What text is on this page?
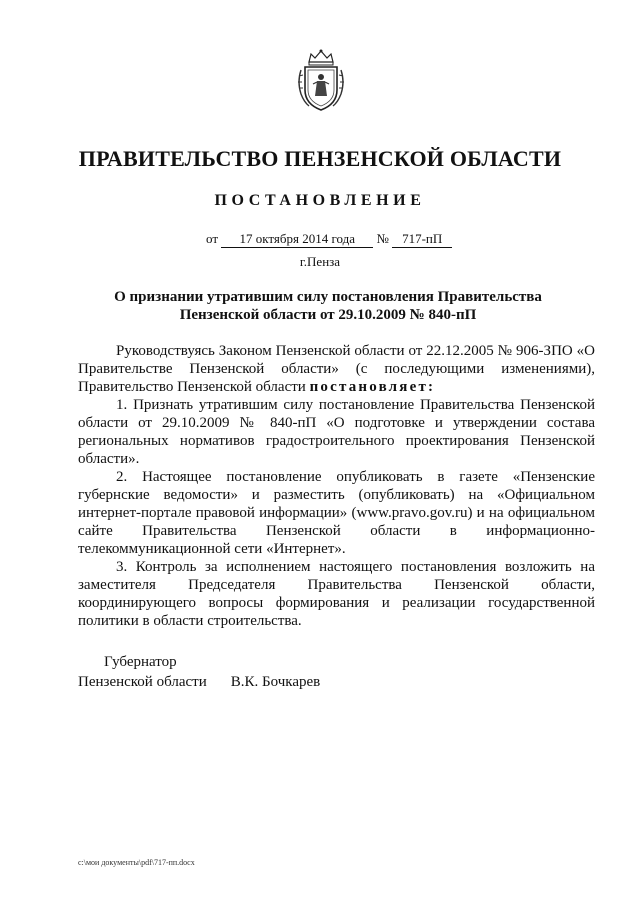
ПРАВИТЕЛЬСТВО ПЕНЗЕНСКОЙ ОБЛАСТИ
ПОСТАНОВЛЕНИЕ
от 17 октября 2014 года № 717-пП
г.Пенза
О признании утратившим силу постановления Правительства Пензенской области от 29.10.2009 № 840-пП

Руководствуясь Законом Пензенской области от 22.12.2005 № 906-ЗПО «О Правительстве Пензенской области» (с последующими изменениями), Правительство Пензенской области постановляет:

1. Признать утратившим силу постановление Правительства Пензенской области от 29.10.2009 № 840-пП «О подготовке и утверждении состава региональных нормативов градостроительного проектирования Пензенской области».

2. Настоящее постановление опубликовать в газете «Пензенские губернские ведомости» и разместить (опубликовать) на «Официальном интернет-портале правовой информации» (www.pravo.gov.ru) и на официальном сайте Правительства Пензенской области в информационно-телекоммуникационной сети «Интернет».

3. Контроль за исполнением настоящего постановления возложить на заместителя Председателя Правительства Пензенской области, координирующего вопросы формирования и реализации государственной политики в области строительства.

Губернатор
Пензенской области В.К. Бочкарев
c:\мои документы\pdf\717-пп.docx
